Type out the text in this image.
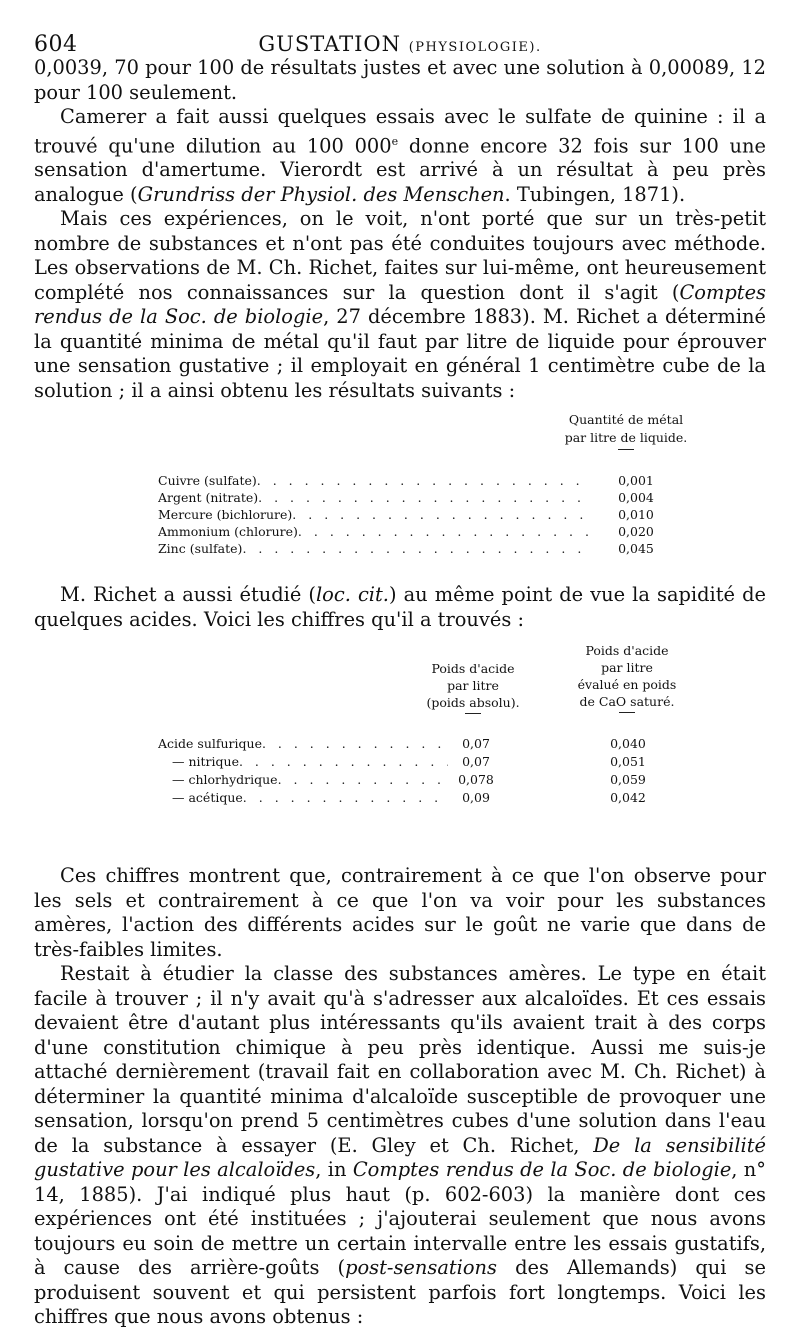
604	GUSTATION (PHYSIOLOGIE).

0,0039, 70 pour 100 de résultats justes et avec une solution à 0,00089, 12 pour 100 seulement.

Camerer a fait aussi quelques essais avec le sulfate de quinine : il a trouvé qu'une dilution au 100 000e donne encore 32 fois sur 100 une sensation d'amertume. Vierordt est arrivé à un résultat à peu près analogue (Grundriss der Physiol. des Menschen. Tubingen, 1871).

Mais ces expériences, on le voit, n'ont porté que sur un très-petit nombre de substances et n'ont pas été conduites toujours avec méthode. Les observations de M. Ch. Richet, faites sur lui-même, ont heureusement complété nos connaissances sur la question dont il s'agit (Comptes rendus de la Soc. de biologie, 27 décembre 1883). M. Richet a déterminé la quantité minima de métal qu'il faut par litre de liquide pour éprouver une sensation gustative ; il employait en général 1 centimètre cube de la solution ; il a ainsi obtenu les résultats suivants :

Quantité de métal
par litre de liquide.
Cuivre (sulfate) . . .	0,001
Argent (nitrate) . . .	0,004
Mercure (bichlorure) . . .	0,010
Ammonium (chlorure) . . .	0,020
Zinc (sulfate) . . .	0,045

M. Richet a aussi étudié (loc. cit.) au même point de vue la sapidité de quelques acides. Voici les chiffres qu'il a trouvés :

Poids d'acide
par litre
(poids absolu).
Poids d'acide
par litre
évalué en poids
de CaO saturé.
Acide sulfurique . . .	0,07	0,040
— nitrique . . .	0,07	0,051
— chlorhydrique . . .	0,078	0,059
— acétique . . .	0,09	0,042

Ces chiffres montrent que, contrairement à ce que l'on observe pour les sels et contrairement à ce que l'on va voir pour les substances amères, l'action des différents acides sur le goût ne varie que dans de très-faibles limites.

Restait à étudier la classe des substances amères. Le type en était facile à trouver ; il n'y avait qu'à s'adresser aux alcaloïdes. Et ces essais devaient être d'autant plus intéressants qu'ils avaient trait à des corps d'une constitution chimique à peu près identique. Aussi me suis-je attaché dernièrement (travail fait en collaboration avec M. Ch. Richet) à déterminer la quantité minima d'alcaloïde susceptible de provoquer une sensation, lorsqu'on prend 5 centimètres cubes d'une solution dans l'eau de la substance à essayer (E. Gley et Ch. Richet, De la sensibilité gustative pour les alcaloïdes, in Comptes rendus de la Soc. de biologie, n° 14, 1885). J'ai indiqué plus haut (p. 602-603) la manière dont ces expériences ont été instituées ; j'ajouterai seulement que nous avons toujours eu soin de mettre un certain intervalle entre les essais gustatifs, à cause des arrière-goûts (post-sensations des Allemands) qui se produisent souvent et qui persistent parfois fort longtemps. Voici les chiffres que nous avons obtenus :
